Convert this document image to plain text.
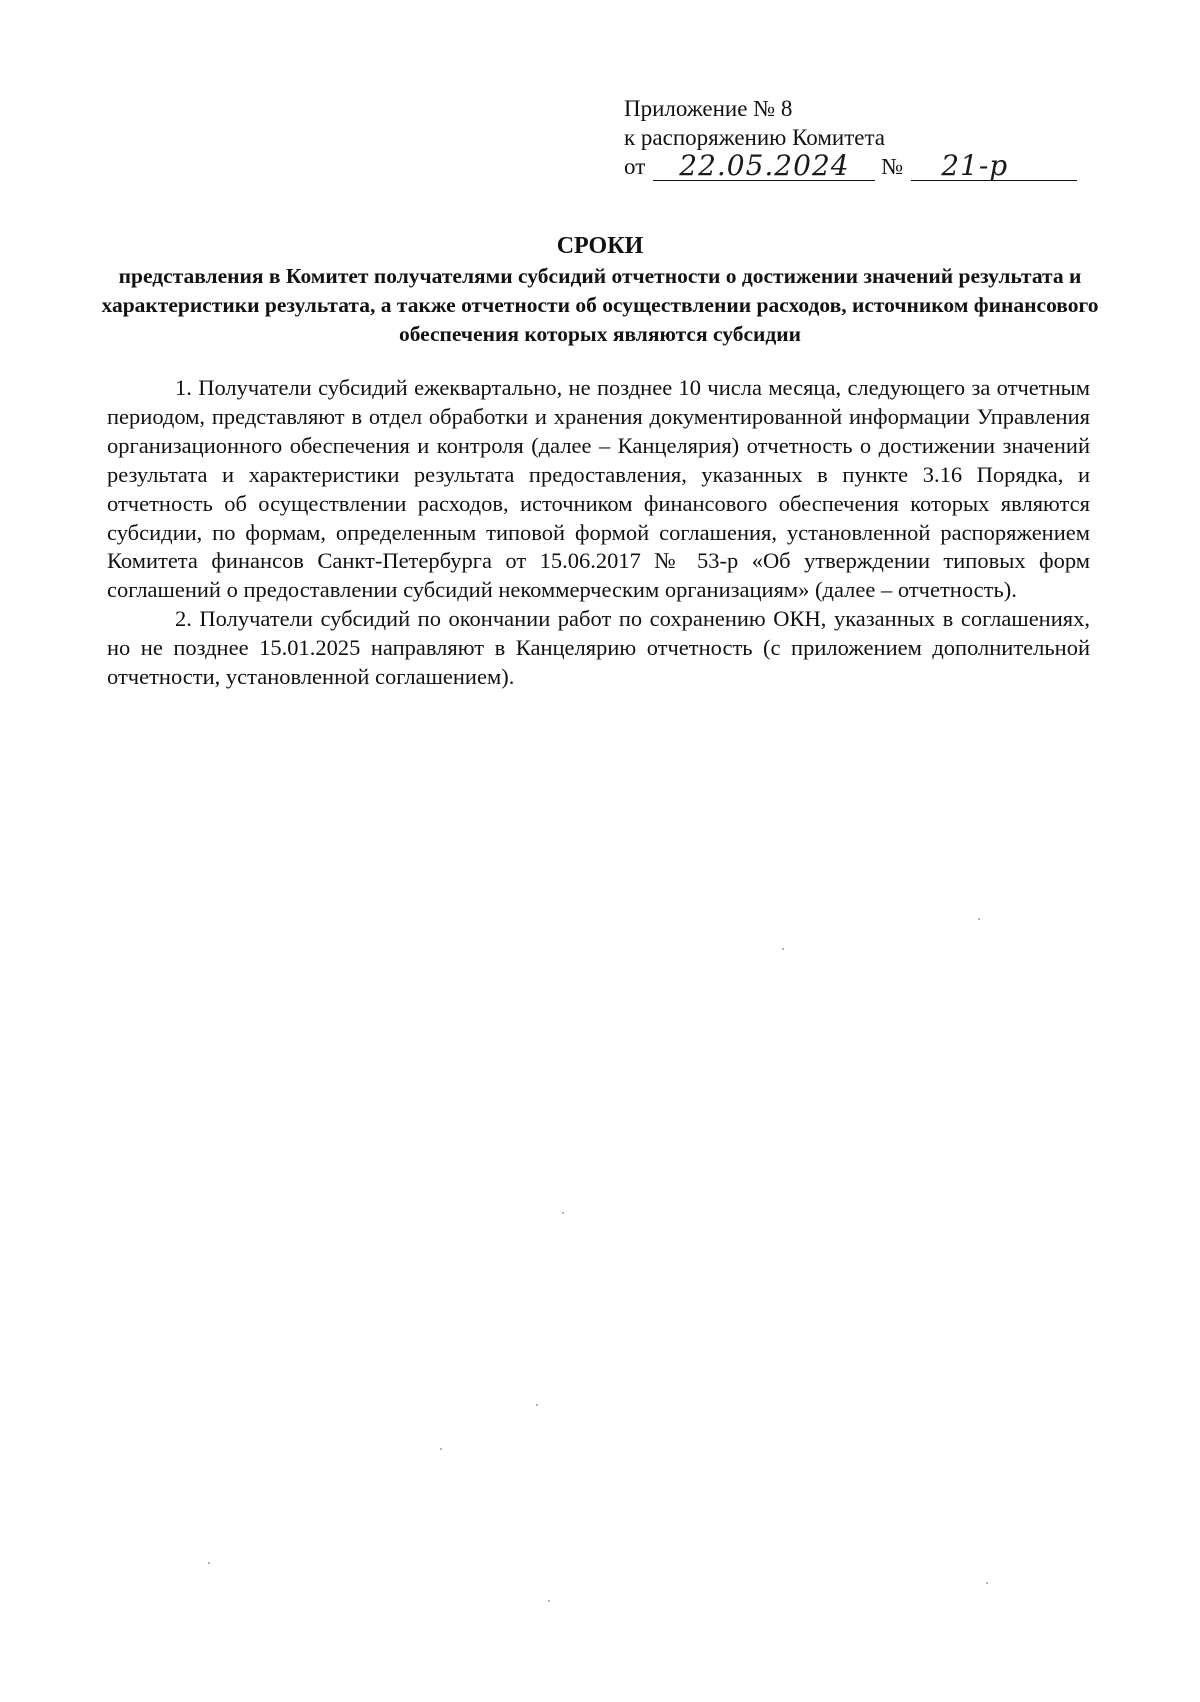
Приложение № 8
к распоряжению Комитета
от 22.05.2024 № 21-р
СРОКИ
представления в Комитет получателями субсидий отчетности о достижении значений результата и характеристики результата, а также отчетности об осуществлении расходов, источником финансового обеспечения которых являются субсидии

1. Получатели субсидий ежеквартально, не позднее 10 числа месяца, следующего за отчетным периодом, представляют в отдел обработки и хранения документированной информации Управления организационного обеспечения и контроля (далее – Канцелярия) отчетность о достижении значений результата и характеристики результата предоставления, указанных в пункте 3.16 Порядка, и отчетность об осуществлении расходов, источником финансового обеспечения которых являются субсидии, по формам, определенным типовой формой соглашения, установленной распоряжением Комитета финансов Санкт-Петербурга от 15.06.2017 № 53-р «Об утверждении типовых форм соглашений о предоставлении субсидий некоммерческим организациям» (далее – отчетность).

2. Получатели субсидий по окончании работ по сохранению ОКН, указанных в соглашениях, но не позднее 15.01.2025 направляют в Канцелярию отчетность (с приложением дополнительной отчетности, установленной соглашением).
